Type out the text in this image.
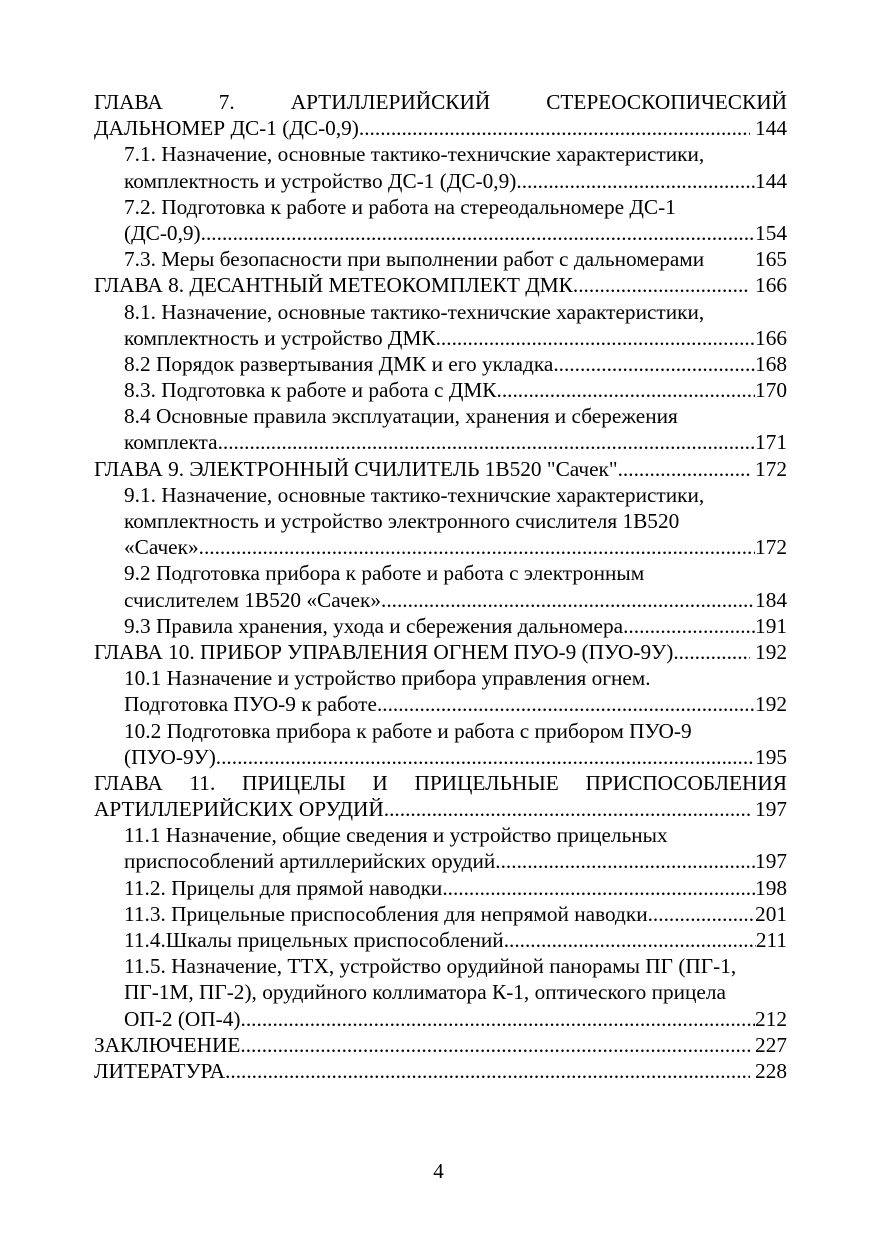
ГЛАВА	7.	АРТИЛЛЕРИЙСКИЙ	СТЕРЕОСКОПИЧЕСКИЙ
ДАЛЬНОМЕР ДС-1 (ДС-0,9) .....	144
7.1. Назначение, основные тактико-техничские характеристики,
комплектность и устройство ДС-1 (ДС-0,9) .....	144
7.2. Подготовка к работе и работа на стереодальномере ДС-1
(ДС-0,9) .....	154
7.3. Меры безопасности при выполнении работ с дальномерами 165
ГЛАВА 8. ДЕСАНТНЫЙ МЕТЕОКОМПЛЕКТ ДМК .....	166
8.1. Назначение, основные тактико-техничские характеристики,
комплектность и устройство ДМК .....	166
8.2 Порядок развертывания ДМК и его укладка .....	168
8.3. Подготовка к работе и работа с ДМК .....	170
8.4 Основные правила эксплуатации, хранения и сбережения
комплекта .....	171
ГЛАВА 9. ЭЛЕКТРОННЫЙ СЧИЛИТЕЛЬ 1В520 "Сачек" .....	172
9.1. Назначение, основные тактико-техничские характеристики,
комплектность и устройство электронного счислителя 1В520
«Сачек» .....	172
9.2 Подготовка прибора к работе и работа с электронным
счислителем 1В520 «Сачек» .....	184
9.3 Правила хранения, ухода и сбережения дальномера .....	191
ГЛАВА 10. ПРИБОР УПРАВЛЕНИЯ ОГНЕМ ПУО-9 (ПУО-9У) .....	192
10.1 Назначение и устройство прибора управления огнем.
Подготовка ПУО-9 к работе .....	192
10.2 Подготовка прибора к работе и работа с прибором ПУО-9
(ПУО-9У) .....	195
ГЛАВА 11. ПРИЦЕЛЫ И ПРИЦЕЛЬНЫЕ ПРИСПОСОБЛЕНИЯ
АРТИЛЛЕРИЙСКИХ ОРУДИЙ .....	197
11.1 Назначение, общие сведения и устройство прицельных
приспособлений артиллерийских орудий .....	197
11.2. Прицелы для прямой наводки .....	198
11.3. Прицельные приспособления для непрямой наводки .....	201
11.4.Шкалы прицельных приспособлений .....	211
11.5. Назначение, ТТХ, устройство орудийной панорамы ПГ (ПГ-1,
ПГ-1М, ПГ-2), орудийного коллиматора К-1, оптического прицела
ОП-2 (ОП-4) .....	212
ЗАКЛЮЧЕНИЕ .....	227
ЛИТЕРАТУРА .....	228
4
